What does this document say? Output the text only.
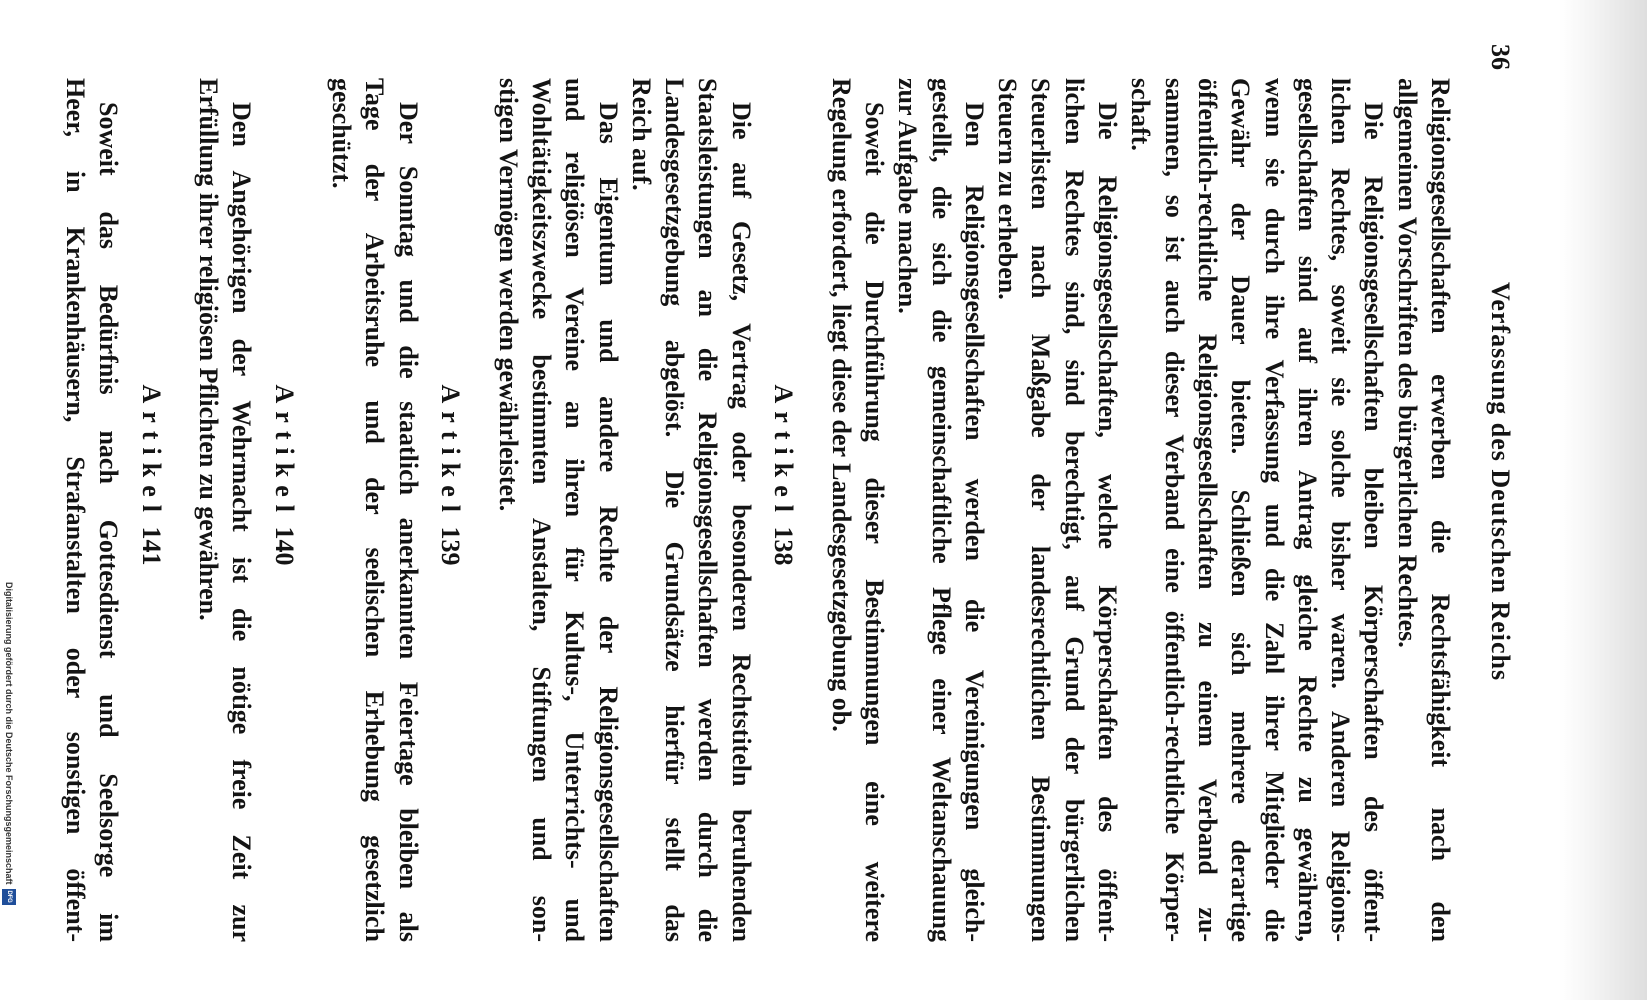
36
Verfassung des Deutschen Reichs
Religionsgesellschaften erwerben die Rechtsfähigkeit nach den
allgemeinen Vorschriften des bürgerlichen Rechtes.
Die Religionsgesellschaften bleiben Körperschaften des öffent-
lichen Rechtes, soweit sie solche bisher waren. Anderen Religions-
gesellschaften sind auf ihren Antrag gleiche Rechte zu gewähren,
wenn sie durch ihre Verfassung und die Zahl ihrer Mitglieder die
Gewähr der Dauer bieten. Schließen sich mehrere derartige
öffentlich-rechtliche Religionsgesellschaften zu einem Verband zu-
sammen, so ist auch dieser Verband eine öffentlich-rechtliche Körper-
schaft.
Die Religionsgesellschaften, welche Körperschaften des öffent-
lichen Rechtes sind, sind berechtigt, auf Grund der bürgerlichen
Steuerlisten nach Maßgabe der landesrechtlichen Bestimmungen
Steuern zu erheben.
Den Religionsgesellschaften werden die Vereinigungen gleich-
gestellt, die sich die gemeinschaftliche Pflege einer Weltanschauung
zur Aufgabe machen.
Soweit die Durchführung dieser Bestimmungen eine weitere
Regelung erfordert, liegt diese der Landesgesetzgebung ob.
Artikel 138
Die auf Gesetz, Vertrag oder besonderen Rechtstiteln beruhenden
Staatsleistungen an die Religionsgesellschaften werden durch die
Landesgesetzgebung abgelöst. Die Grundsätze hierfür stellt das
Reich auf.
Das Eigentum und andere Rechte der Religionsgesellschaften
und religiösen Vereine an ihren für Kultus-, Unterrichts- und
Wohltätigkeitszwecke bestimmten Anstalten, Stiftungen und son-
stigen Vermögen werden gewährleistet.
Artikel 139
Der Sonntag und die staatlich anerkannten Feiertage bleiben als
Tage der Arbeitsruhe und der seelischen Erhebung gesetzlich
geschützt.
Artikel 140
Den Angehörigen der Wehrmacht ist die nötige freie Zeit zur
Erfüllung ihrer religiösen Pflichten zu gewähren.
Artikel 141
Soweit das Bedürfnis nach Gottesdienst und Seelsorge im
Heer, in Krankenhäusern, Strafanstalten oder sonstigen öffent-
Digitalisierung gefördert durch die Deutsche ForschungsgemeinschaftDFG
